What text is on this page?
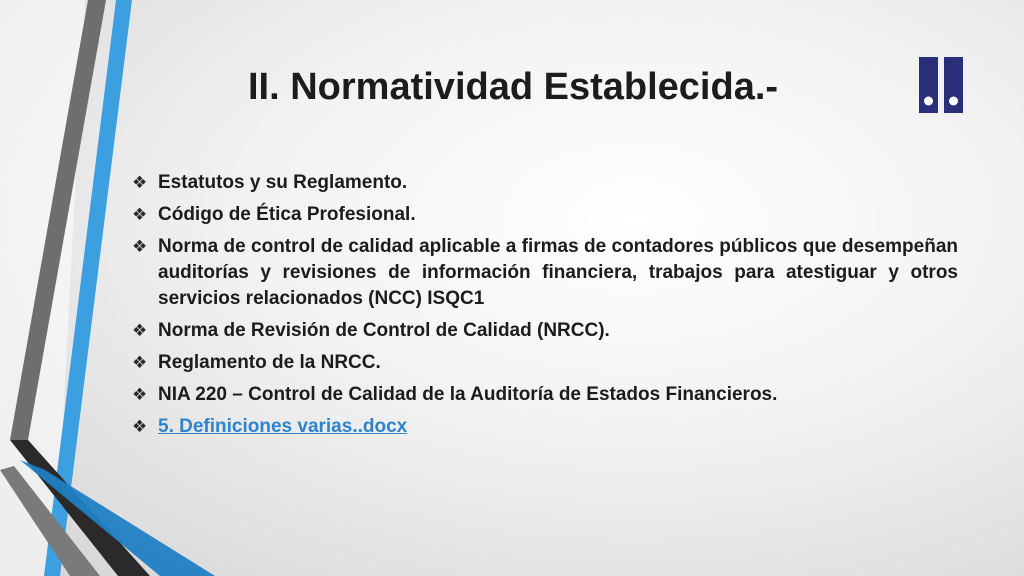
II. Normatividad Establecida.-
❖ Estatutos y su Reglamento.
❖ Código de Ética Profesional.
❖ Norma de control de calidad aplicable a firmas de contadores públicos que desempeñan auditorías y revisiones de información financiera, trabajos para atestiguar y otros servicios relacionados (NCC) ISQC1
❖ Norma de Revisión de Control de Calidad (NRCC).
❖ Reglamento de la NRCC.
❖ NIA 220 – Control de Calidad de la Auditoría de Estados Financieros.
❖ 5. Definiciones varias..docx
